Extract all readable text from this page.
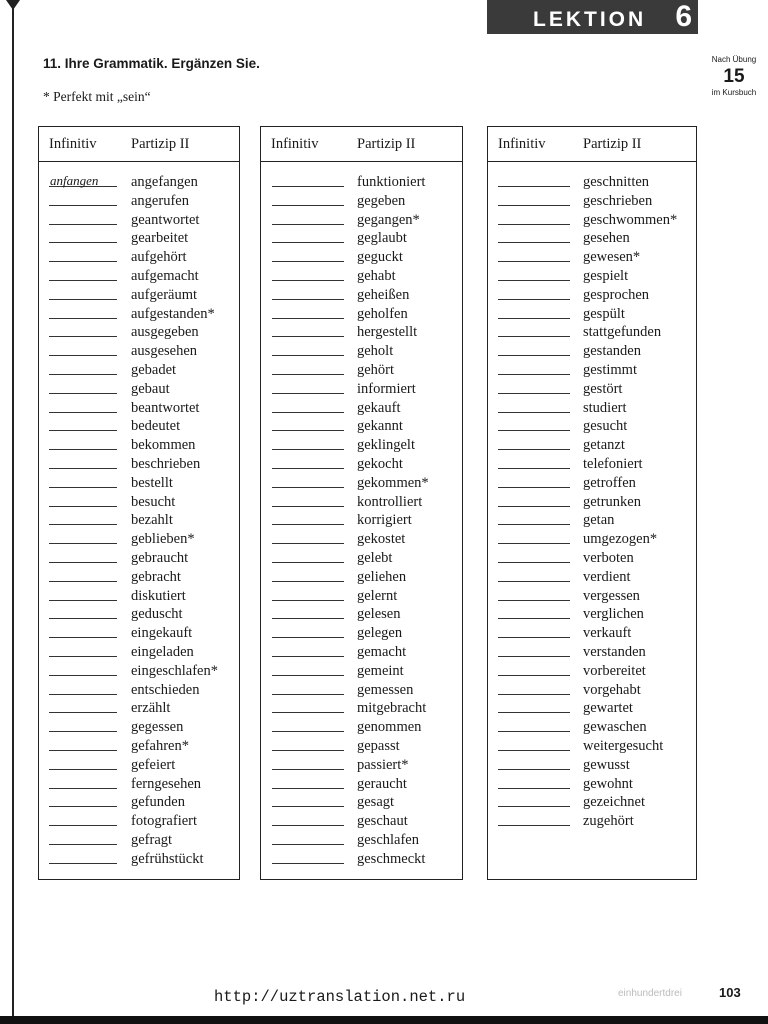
LEKTION 6
11. Ihre Grammatik. Ergänzen Sie.
* Perfekt mit „sein“
Nach Übung
15
im Kursbuch
Infinitiv Partizip II
anfangen angefangen
angerufen
geantwortet
gearbeitet
aufgehört
aufgemacht
aufgeräumt
aufgestanden*
ausgegeben
ausgesehen
gebadet
gebaut
beantwortet
bedeutet
bekommen
beschrieben
bestellt
besucht
bezahlt
geblieben*
gebraucht
gebracht
diskutiert
geduscht
eingekauft
eingeladen
eingeschlafen*
entschieden
erzählt
gegessen
gefahren*
gefeiert
ferngesehen
gefunden
fotografiert
gefragt
gefrühstückt
Infinitiv	Partizip II
funktioniert
gegeben
gegangen*
geglaubt
geguckt
gehabt
geheißen
geholfen
hergestellt
geholt
gehört
informiert
gekauft
gekannt
geklingelt
gekocht
gekommen*
kontrolliert
korrigiert
gekostet
gelebt
geliehen
gelernt
gelesen
gelegen
gemacht
gemeint
gemessen
mitgebracht
genommen
gepasst
passiert*
geraucht
gesagt
geschaut
geschlafen
geschmeckt
Infinitiv	Partizip II
geschnitten
geschrieben
geschwommen*
gesehen
gewesen*
gespielt
gesprochen
gespült
stattgefunden
gestanden
gestimmt
gestört
studiert
gesucht
getanzt
telefoniert
getroffen
getrunken
getan
umgezogen*
verboten
verdient
vergessen
verglichen
verkauft
verstanden
vorbereitet
vorgehabt
gewartet
gewaschen
weitergesucht
gewusst
gewohnt
gezeichnet
zugehört
http://uztranslation.net.ru	einhundertdrei	103
